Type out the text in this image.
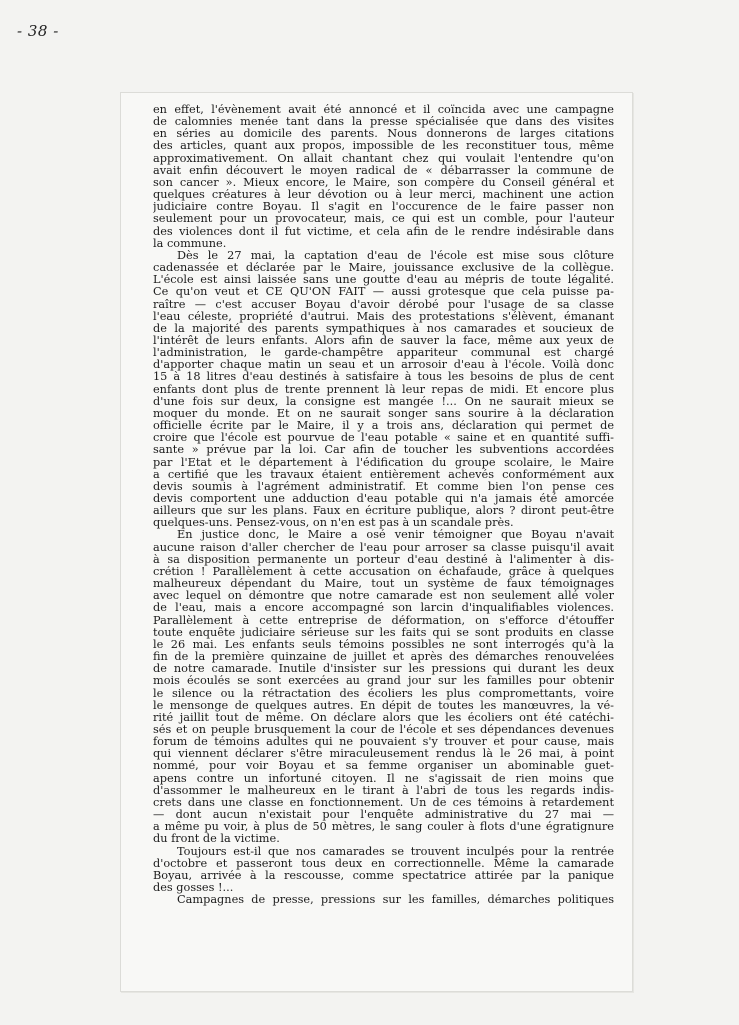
- 38 -
en effet, l'évènement avait été annoncé et il coïncida avec une campagne
de calomnies menée tant dans la presse spécialisée que dans des visites
en séries au domicile des parents. Nous donnerons de larges citations
des articles, quant aux propos, impossible de les reconstituer tous, même
approximativement. On allait chantant chez qui voulait l'entendre qu'on
avait enfin découvert le moyen radical de « débarrasser la commune de
son cancer ». Mieux encore, le Maire, son compère du Conseil général et
quelques créatures à leur dévotion ou à leur merci, machinent une action
judiciaire contre Boyau. Il s'agit en l'occurence de le faire passer non
seulement pour un provocateur, mais, ce qui est un comble, pour l'auteur
des violences dont il fut victime, et cela afin de le rendre indésirable dans
la commune.
Dès le 27 mai, la captation d'eau de l'école est mise sous clôture
cadenassée et déclarée par le Maire, jouissance exclusive de la collègue.
L'école est ainsi laissée sans une goutte d'eau au mépris de toute légalité.
Ce qu'on veut et CE QU'ON FAIT — aussi grotesque que cela puisse pa-
raître — c'est accuser Boyau d'avoir dérobé pour l'usage de sa classe
l'eau céleste, propriété d'autrui. Mais des protestations s'élèvent, émanant
de la majorité des parents sympathiques à nos camarades et soucieux de
l'intérêt de leurs enfants. Alors afin de sauver la face, même aux yeux de
l'administration, le garde-champêtre appariteur communal est chargé
d'apporter chaque matin un seau et un arrosoir d'eau à l'école. Voilà donc
15 à 18 litres d'eau destinés à satisfaire à tous les besoins de plus de cent
enfants dont plus de trente prennent là leur repas de midi. Et encore plus
d'une fois sur deux, la consigne est mangée !... On ne saurait mieux se
moquer du monde. Et on ne saurait songer sans sourire à la déclaration
officielle écrite par le Maire, il y a trois ans, déclaration qui permet de
croire que l'école est pourvue de l'eau potable « saine et en quantité suffi-
sante » prévue par la loi. Car afin de toucher les subventions accordées
par l'Etat et le département à l'édification du groupe scolaire, le Maire
a certifié que les travaux étaient entièrement achevés conformément aux
devis soumis à l'agrément administratif. Et comme bien l'on pense ces
devis comportent une adduction d'eau potable qui n'a jamais été amorcée
ailleurs que sur les plans. Faux en écriture publique, alors ? diront peut-être
quelques-uns. Pensez-vous, on n'en est pas à un scandale près.
En justice donc, le Maire a osé venir témoigner que Boyau n'avait
aucune raison d'aller chercher de l'eau pour arroser sa classe puisqu'il avait
à sa disposition permanente un porteur d'eau destiné à l'alimenter à dis-
crétion ! Parallèlement à cette accusation on échafaude, grâce à quelques
malheureux dépendant du Maire, tout un système de faux témoignages
avec lequel on démontre que notre camarade est non seulement allé voler
de l'eau, mais a encore accompagné son larcin d'inqualifiables violences.
Parallèlement à cette entreprise de déformation, on s'efforce d'étouffer
toute enquête judiciaire sérieuse sur les faits qui se sont produits en classe
le 26 mai. Les enfants seuls témoins possibles ne sont interrogés qu'à la
fin de la première quinzaine de juillet et après des démarches renouvelées
de notre camarade. Inutile d'insister sur les pressions qui durant les deux
mois écoulés se sont exercées au grand jour sur les familles pour obtenir
le silence ou la rétractation des écoliers les plus compromettants, voire
le mensonge de quelques autres. En dépit de toutes les manœuvres, la vé-
rité jaillit tout de même. On déclare alors que les écoliers ont été catéchi-
sés et on peuple brusquement la cour de l'école et ses dépendances devenues
forum de témoins adultes qui ne pouvaient s'y trouver et pour cause, mais
qui viennent déclarer s'être miraculeusement rendus là le 26 mai, à point
nommé, pour voir Boyau et sa femme organiser un abominable guet-
apens contre un infortuné citoyen. Il ne s'agissait de rien moins que
d'assommer le malheureux en le tirant à l'abri de tous les regards indis-
crets dans une classe en fonctionnement. Un de ces témoins à retardement
— dont aucun n'existait pour l'enquête administrative du 27 mai —
a même pu voir, à plus de 50 mètres, le sang couler à flots d'une égratignure
du front de la victime.
Toujours est-il que nos camarades se trouvent inculpés pour la rentrée
d'octobre et passeront tous deux en correctionnelle. Même la camarade
Boyau, arrivée à la rescousse, comme spectatrice attirée par la panique
des gosses !...
Campagnes de presse, pressions sur les familles, démarches politiques
